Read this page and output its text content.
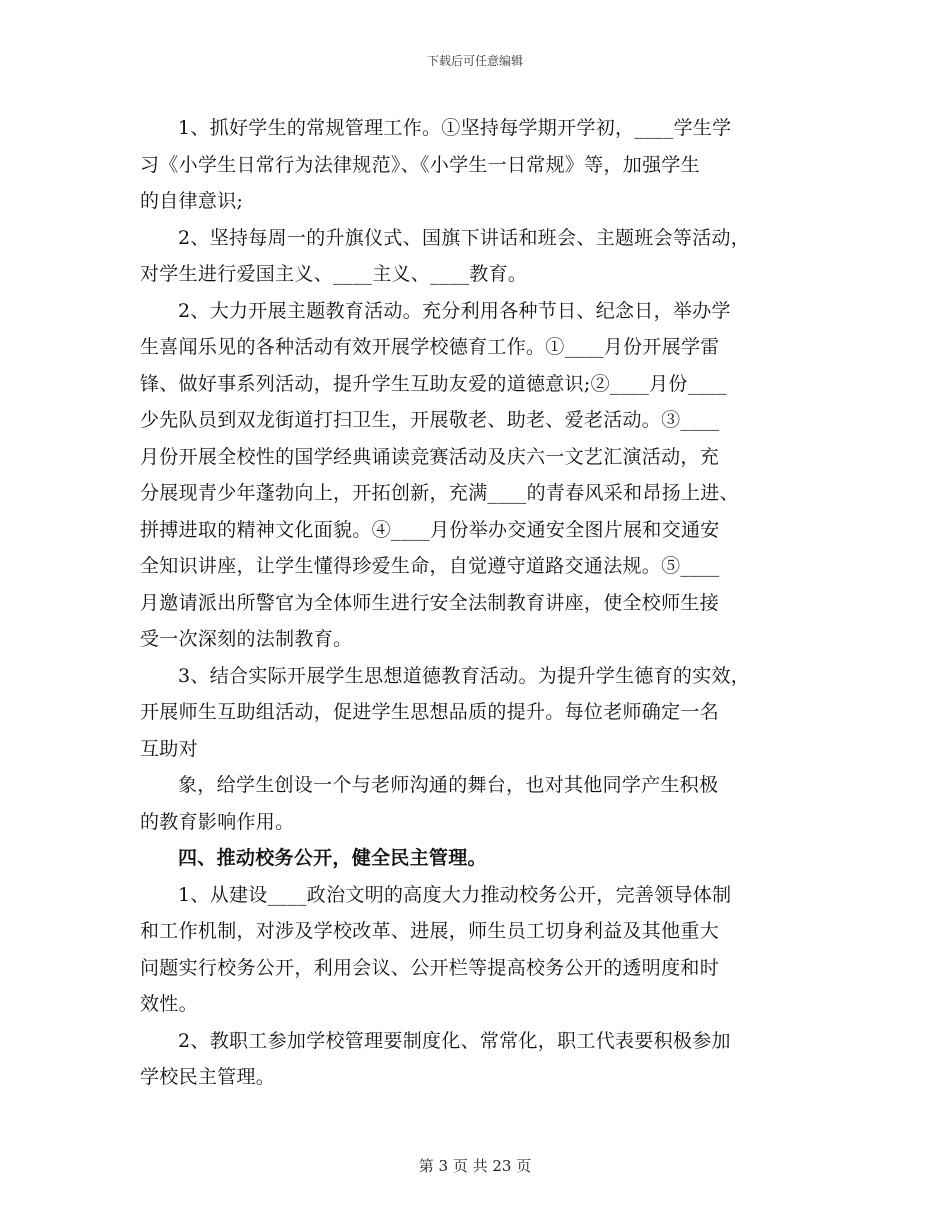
下载后可任意编辑
1、抓好学生的常规管理工作。①坚持每学期开学初，____学生学
习《小学生日常行为法律规范》、《小学生一日常规》等，加强学生
的自律意识;
2、坚持每周一的升旗仪式、国旗下讲话和班会、主题班会等活动，
对学生进行爱国主义、____主义、____教育。
2、大力开展主题教育活动。充分利用各种节日、纪念日，举办学
生喜闻乐见的各种活动有效开展学校德育工作。①____月份开展学雷
锋、做好事系列活动，提升学生互助友爱的道德意识;②____月份____
少先队员到双龙街道打扫卫生，开展敬老、助老、爱老活动。③____
月份开展全校性的国学经典诵读竞赛活动及庆六一文艺汇演活动，充
分展现青少年蓬勃向上，开拓创新，充满____的青春风采和昂扬上进、
拼搏进取的精神文化面貌。④____月份举办交通安全图片展和交通安
全知识讲座，让学生懂得珍爱生命，自觉遵守道路交通法规。⑤____
月邀请派出所警官为全体师生进行安全法制教育讲座，使全校师生接
受一次深刻的法制教育。
3、结合实际开展学生思想道德教育活动。为提升学生德育的实效，
开展师生互助组活动，促进学生思想品质的提升。每位老师确定一名
互助对
象，给学生创设一个与老师沟通的舞台，也对其他同学产生积极
的教育影响作用。
四、推动校务公开，健全民主管理。
1、从建设____政治文明的高度大力推动校务公开，完善领导体制
和工作机制，对涉及学校改革、进展，师生员工切身利益及其他重大
问题实行校务公开，利用会议、公开栏等提高校务公开的透明度和时
效性。
2、教职工参加学校管理要制度化、常常化，职工代表要积极参加
学校民主管理。
第 3 页 共 23 页
